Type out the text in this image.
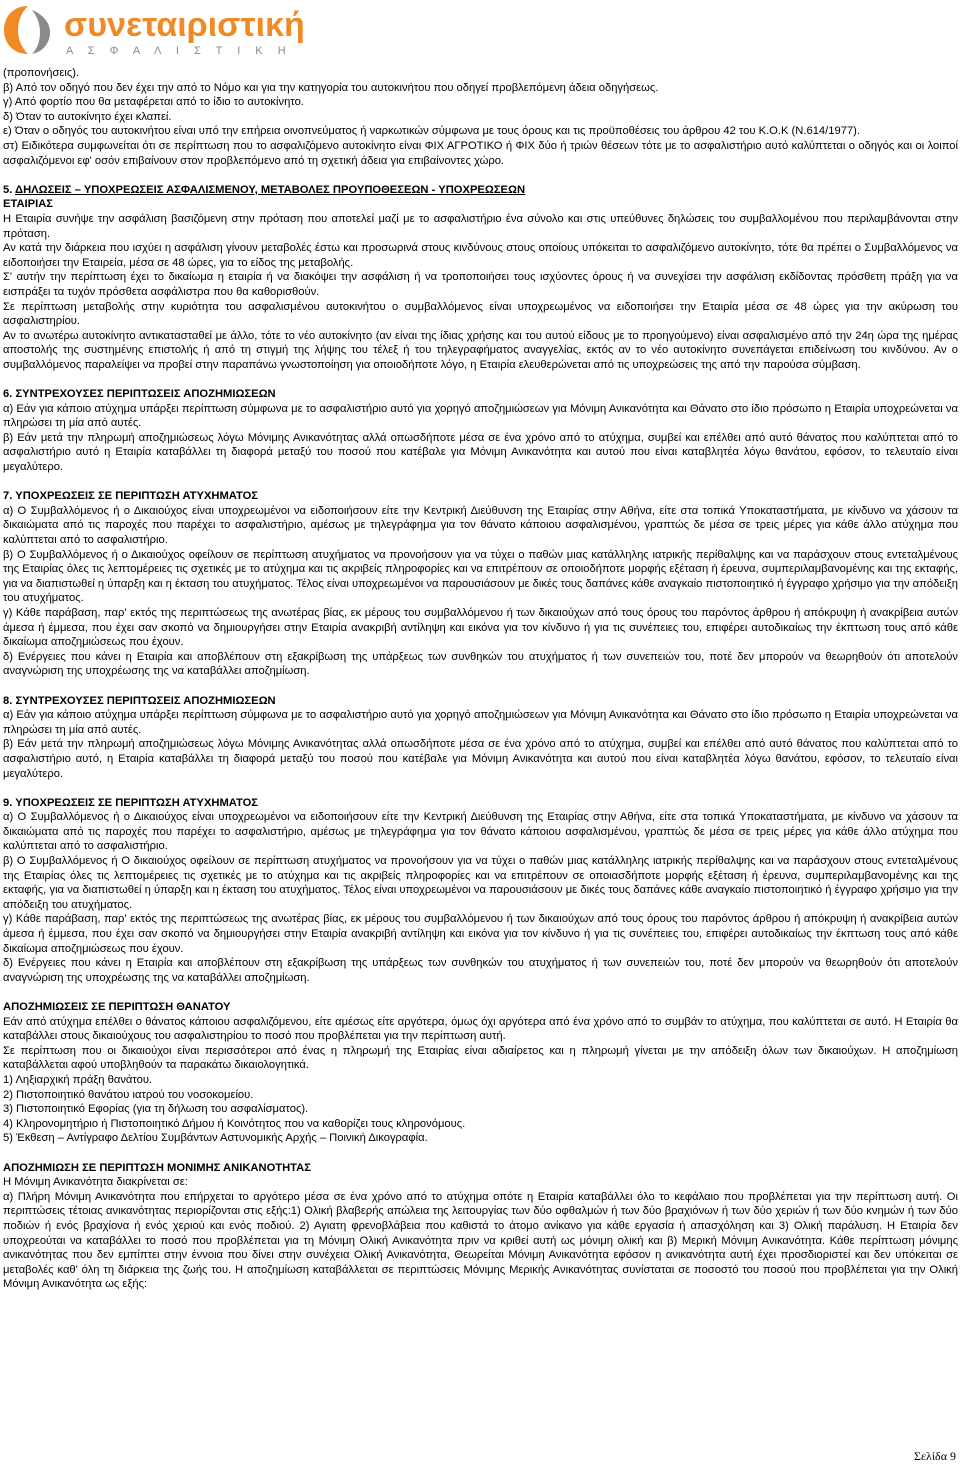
συνεταιριστική
Α Σ Φ Α Λ Ι Σ Τ Ι Κ Η

(προπονήσεις).

β) Από τον οδηγό που δεν έχει την από το Νόμο και για την κατηγορία του αυτοκινήτου που οδηγεί προβλεπόμενη άδεια οδηγήσεως.

γ) Από φορτίο που θα μεταφέρεται από το ίδιο το αυτοκίνητο.

δ) Όταν το αυτοκίνητο έχει κλαπεί.

ε) Όταν ο οδηγός του αυτοκινήτου είναι υπό την επήρεια οινοπνεύματος ή ναρκωτικών σύμφωνα με τους όρους και τις προϋποθέσεις του άρθρου 42 του Κ.Ο.Κ (Ν.614/1977).

στ) Ειδικότερα συμφωνείται ότι σε περίπτωση που το ασφαλιζόμενο αυτοκίνητο είναι ΦΙΧ ΑΓΡΟΤΙΚΟ ή ΦΙΧ δύο ή τριών θέσεων τότε με το ασφαλιστήριο αυτό καλύπτεται ο οδηγός και οι λοιποί ασφαλιζόμενοι εφ' οσόν επιβαίνουν στον προβλεπόμενο από τη σχετική άδεια για επιβαίνοντες χώρο.

5. ΔΗΛΩΣΕΙΣ – ΥΠΟΧΡΕΩΣΕΙΣ ΑΣΦΑΛΙΣΜΕΝΟΥ, ΜΕΤΑΒΟΛΕΣ ΠΡΟΥΠΟΘΕΣΕΩΝ - ΥΠΟΧΡΕΩΣΕΩΝ

ΕΤΑΙΡΙΑΣ

Η Εταιρία συνήψε την ασφάλιση βασιζόμενη στην πρόταση που αποτελεί μαζί με το ασφαλιστήριο ένα σύνολο και στις υπεύθυνες δηλώσεις του συμβαλλομένου που περιλαμβάνονται στην πρόταση.

Αν κατά την διάρκεια που ισχύει η ασφάλιση γίνουν μεταβολές έστω και προσωρινά στους κινδύνους στους οποίους υπόκειται το ασφαλιζόμενο αυτοκίνητο, τότε θα πρέπει ο Συμβαλλόμενος να ειδοποιήσει την Εταιρεία, μέσα σε 48 ώρες, για το είδος της μεταβολής.

Σ' αυτήν την περίπτωση έχει το δικαίωμα η εταιρία ή να διακόψει την ασφάλιση ή να τροποποιήσει τους ισχύοντες όρους ή να συνεχίσει την ασφάλιση εκδίδοντας πρόσθετη πράξη για να εισπράξει τα τυχόν πρόσθετα ασφάλιστρα που θα καθορισθούν.

Σε περίπτωση μεταβολής στην κυριότητα του ασφαλισμένου αυτοκινήτου ο συμβαλλόμενος είναι υποχρεωμένος να ειδοποιήσει την Εταιρία μέσα σε 48 ώρες για την ακύρωση του ασφαλιστηρίου.

Αν το ανωτέρω αυτοκίνητο αντικατασταθεί με άλλο, τότε το νέο αυτοκίνητο (αν είναι της ίδιας χρήσης και του αυτού είδους με το προηγούμενο) είναι ασφαλισμένο από την 24η ώρα της ημέρας αποστολής της συστημένης επιστολής ή από τη στιγμή της λήψης του τέλεξ ή του τηλεγραφήματος αναγγελίας, εκτός αν το νέο αυτοκίνητο συνεπάγεται επιδείνωση του κινδύνου. Αν ο συμβαλλόμενος παραλείψει να προβεί στην παραπάνω γνωστοποίηση για οποιοδήποτε λόγο, η Εταιρία ελευθερώνεται από τις υποχρεώσεις της από την παρούσα σύμβαση.

6. ΣΥΝΤΡΕΧΟΥΣΕΣ ΠΕΡΙΠΤΩΣΕΙΣ ΑΠΟΖΗΜΙΩΣΕΩΝ

α) Εάν για κάποιο ατύχημα υπάρξει περίπτωση σύμφωνα με το ασφαλιστήριο αυτό για χορηγό αποζημιώσεων για Μόνιμη Ανικανότητα και Θάνατο στο ίδιο πρόσωπο η Εταιρία υποχρεώνεται να πληρώσει τη μία από αυτές.

β) Εάν μετά την πληρωμή αποζημιώσεως λόγω Μόνιμης Ανικανότητας αλλά οπωσδήποτε μέσα σε ένα χρόνο από το ατύχημα, συμβεί και επέλθει από αυτό θάνατος που καλύπτεται από το ασφαλιστήριο αυτό η Εταιρία καταβάλλει τη διαφορά μεταξύ του ποσού που κατέβαλε για Μόνιμη Ανικανότητα και αυτού που είναι καταβλητέα λόγω θανάτου, εφόσον, το τελευταίο είναι μεγαλύτερο.

7. ΥΠΟΧΡΕΩΣΕΙΣ ΣΕ ΠΕΡΙΠΤΩΣΗ ΑΤΥΧΗΜΑΤΟΣ

α) Ο Συμβαλλόμενος ή ο Δικαιούχος είναι υποχρεωμένοι να ειδοποιήσουν είτε την Κεντρική Διεύθυνση της Εταιρίας στην Αθήνα, είτε στα τοπικά Υποκαταστήματα, με κίνδυνο να χάσουν τα δικαιώματα από τις παροχές που παρέχει το ασφαλιστήριο, αμέσως με τηλεγράφημα για τον θάνατο κάποιου ασφαλισμένου, γραπτώς δε μέσα σε τρεις μέρες για κάθε άλλο ατύχημα που καλύπτεται από το ασφαλιστήριο.

β) Ο Συμβαλλόμενος ή ο Δικαιούχος οφείλουν σε περίπτωση ατυχήματος να προνοήσουν για να τύχει ο παθών μιας κατάλληλης ιατρικής περίθαλψης και να παράσχουν στους εντεταλμένους της Εταιρίας όλες τις λεπτομέρειες τις σχετικές με το ατύχημα και τις ακριβείς πληροφορίες και να επιτρέπουν σε οποιοδήποτε μορφής εξέταση ή έρευνα, συμπεριλαμβανομένης και της εκταφής, για να διαπιστωθεί η ύπαρξη και η έκταση του ατυχήματος. Τέλος είναι υποχρεωμένοι να παρουσιάσουν με δικές τους δαπάνες κάθε αναγκαίο πιστοποιητικό ή έγγραφο χρήσιμο για την απόδειξη του ατυχήματος.

γ) Κάθε παράβαση, παρ' εκτός της περιπτώσεως της ανωτέρας βίας, εκ μέρους του συμβαλλόμενου ή των δικαιούχων από τους όρους του παρόντος άρθρου ή απόκρυψη ή ανακρίβεια αυτών άμεσα ή έμμεσα, που έχει σαν σκοπό να δημιουργήσει στην Εταιρία ανακριβή αντίληψη και εικόνα για τον κίνδυνο ή για τις συνέπειες του, επιφέρει αυτοδικαίως την έκπτωση τους από κάθε δικαίωμα αποζημιώσεως που έχουν.

δ) Ενέργειες που κάνει η Εταιρία και αποβλέπουν στη εξακρίβωση της υπάρξεως των συνθηκών του ατυχήματος ή των συνεπειών του, ποτέ δεν μπορούν να θεωρηθούν ότι αποτελούν αναγνώριση της υποχρέωσης της να καταβάλλει αποζημίωση.

8. ΣΥΝΤΡΕΧΟΥΣΕΣ ΠΕΡΙΠΤΩΣΕΙΣ ΑΠΟΖΗΜΙΩΣΕΩΝ

α) Εάν για κάποιο ατύχημα υπάρξει περίπτωση σύμφωνα με το ασφαλιστήριο αυτό για χορηγό αποζημιώσεων για Μόνιμη Ανικανότητα και Θάνατο στο ίδιο πρόσωπο η Εταιρία υποχρεώνεται να πληρώσει τη μία από αυτές.

β) Εάν μετά την πληρωμή αποζημιώσεως λόγω Μόνιμης Ανικανότητας αλλά οπωσδήποτε μέσα σε ένα χρόνο από το ατύχημα, συμβεί και επέλθει από αυτό θάνατος που καλύπτεται από το ασφαλιστήριο αυτό, η Εταιρία καταβάλλει τη διαφορά μεταξύ του ποσού που κατέβαλε για Μόνιμη Ανικανότητα και αυτού που είναι καταβλητέα λόγω θανάτου, εφόσον, το τελευταίο είναι μεγαλύτερο.

9. ΥΠΟΧΡΕΩΣΕΙΣ ΣΕ ΠΕΡΙΠΤΩΣΗ ΑΤΥΧΗΜΑΤΟΣ

α) Ο Συμβαλλόμενος ή ο Δικαιούχος είναι υποχρεωμένοι να ειδοποιήσουν είτε την Κεντρική Διεύθυνση της Εταιρίας στην Αθήνα, είτε στα τοπικά Υποκαταστήματα, με κίνδυνο να χάσουν τα δικαιώματα από τις παροχές που παρέχει το ασφαλιστήριο, αμέσως με τηλεγράφημα για τον θάνατο κάποιου ασφαλισμένου, γραπτώς δε μέσα σε τρεις μέρες για κάθε άλλο ατύχημα που καλύπτεται από το ασφαλιστήριο.

β) Ο Συμβαλλόμενος ή Ο δικαιούχος οφείλουν σε περίπτωση ατυχήματος να προνοήσουν για να τύχει ο παθών μιας κατάλληλης ιατρικής περίθαλψης και να παράσχουν στους εντεταλμένους της Εταιρίας όλες τις λεπτομέρειες τις σχετικές με το ατύχημα και τις ακριβείς πληροφορίες και να επιτρέπουν σε οποιασδήποτε μορφής εξέταση ή έρευνα, συμπεριλαμβανομένης και της εκταφής, για να διαπιστωθεί η ύπαρξη και η έκταση του ατυχήματος. Τέλος είναι υποχρεωμένοι να παρουσιάσουν με δικές τους δαπάνες κάθε αναγκαίο πιστοποιητικό ή έγγραφο χρήσιμο για την απόδειξη του ατυχήματος.

γ) Κάθε παράβαση, παρ' εκτός της περιπτώσεως της ανωτέρας βίας, εκ μέρους του συμβαλλόμενου ή των δικαιούχων από τους όρους του παρόντος άρθρου ή απόκρυψη ή ανακρίβεια αυτών άμεσα ή έμμεσα, που έχει σαν σκοπό να δημιουργήσει στην Εταιρία ανακριβή αντίληψη και εικόνα για τον κίνδυνο ή για τις συνέπειες του, επιφέρει αυτοδικαίως την έκπτωση τους από κάθε δικαίωμα αποζημιώσεως που έχουν.

δ) Ενέργειες που κάνει η Εταιρία και αποβλέπουν στη εξακρίβωση της υπάρξεως των συνθηκών του ατυχήματος ή των συνεπειών του, ποτέ δεν μπορούν να θεωρηθούν ότι αποτελούν αναγνώριση της υποχρέωσης της να καταβάλλει αποζημίωση.

ΑΠΟΖΗΜΙΩΣΕΙΣ ΣΕ ΠΕΡΙΠΤΩΣΗ ΘΑΝΑΤΟΥ

Εάν από ατύχημα επέλθει ο θάνατος κάποιου ασφαλιζόμενου, είτε αμέσως είτε αργότερα, όμως όχι αργότερα από ένα χρόνο από το συμβάν το ατύχημα, που καλύπτεται σε αυτό. Η Εταιρία θα καταβάλλει στους δικαιούχους του ασφαλιστηρίου το ποσό που προβλέπεται για την περίπτωση αυτή.

Σε περίπτωση που οι δικαιούχοι είναι περισσότεροι από ένας η πληρωμή της Εταιρίας είναι αδιαίρετος και η πληρωμή γίνεται με την απόδειξη όλων των δικαιούχων. Η αποζημίωση καταβάλλεται αφού υποβληθούν τα παρακάτω δικαιολογητικά.

1) Ληξιαρχική πράξη θανάτου.

2) Πιστοποιητικό θανάτου ιατρού του νοσοκομείου.

3) Πιστοποιητικό Εφορίας (για τη δήλωση του ασφαλίσματος).

4) Κληρονομητήριο ή Πιστοποιητικό Δήμου ή Κοινότητος που να καθορίζει τους κληρονόμους.

5) Έκθεση – Αντίγραφο Δελτίου Συμβάντων Αστυνομικής Αρχής – Ποινική Δικογραφία.

ΑΠΟΖΗΜΙΩΣΗ ΣΕ ΠΕΡΙΠΤΩΣΗ ΜΟΝΙΜΗΣ ΑΝΙΚΑΝΟΤΗΤΑΣ

Η Μόνιμη Ανικανότητα διακρίνεται σε:

α) Πλήρη Μόνιμη Ανικανότητα που επήρχεται το αργότερο μέσα σε ένα χρόνο από το ατύχημα οπότε η Εταιρία καταβάλλει όλο το κεφάλαιο που προβλέπεται για την περίπτωση αυτή. Οι περιπτώσεις τέτοιας ανικανότητας περιορίζονται στις εξής:1) Ολική βλαβερής απώλεια της λειτουργίας των δύο οφθαλμών ή των δύο βραχιόνων ή των δύο χεριών ή των δύο κνημών ή των δύο ποδιών ή ενός βραχίονα ή ενός χεριού και ενός ποδιού. 2) Αγιατη φρενοβλάβεια που καθιστά το άτομο ανίκανο για κάθε εργασία ή απασχόληση και 3) Ολική παράλυση. Η Εταιρία δεν υποχρεούται να καταβάλλει το ποσό που προβλέπεται για τη Μόνιμη Ολική Ανικανότητα πριν να κριθεί αυτή ως μόνιμη ολική και β) Μερική Μόνιμη Ανικανότητα. Κάθε περίπτωση μόνιμης ανικανότητας που δεν εμπίπτει στην έννοια που δίνει στην συνέχεια Ολική Ανικανότητα, Θεωρείται Μόνιμη Ανικανότητα εφόσον η ανικανότητα αυτή έχει προσδιοριστεί και δεν υπόκειται σε μεταβολές καθ' όλη τη διάρκεια της ζωής του. Η αποζημίωση καταβάλλεται σε περιπτώσεις Μόνιμης Μερικής Ανικανότητας συνίσταται σε ποσοστό του ποσού που προβλέπεται για την Ολική Μόνιμη Ανικανότητα ως εξής:

Σελίδα 9
